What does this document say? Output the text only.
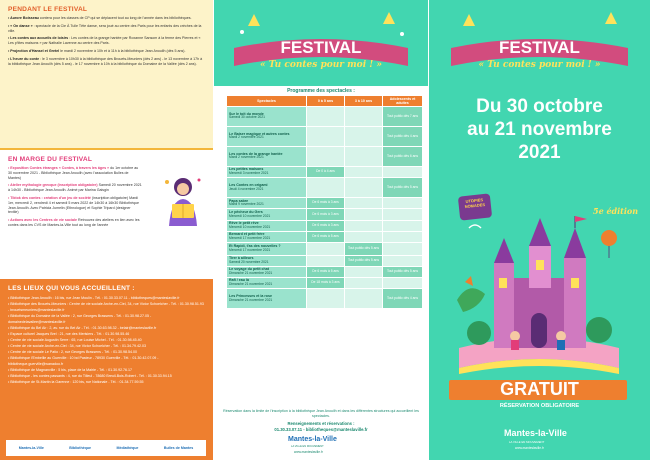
PENDANT LE FESTIVAL
• Aurore Boisseau contera pour les classes de CP qui se déplacent tout au long de l'année dans les bibliothèques.
• « On danse » : spectacle de la Cie À Tulle Tête danse, sera joué au centre des Paris pour les enfants des crèches de la ville.
• Les contes aux accueils de loisirs : Les contes de la grange hantée par Roxanne Sansom à la ferme des Pierres et « Les p'tites maisons » par Nathalie Lavenne au centre des Paris.
• Projection d'Hansel et Gretel le mardi 2 novembre à 10h et à 11h à la bibliothèque Jean Anouilh (dès 5 ans).
• L'heure du conte : le 3 novembre à 10h30 à la bibliothèque des Brouets-Meuniers (dès 2 ans) - le 13 novembre à 17h à la bibliothèque Jean Anouilh (dès 5 ans) - le 17 novembre à 10h à la bibliothèque du Domaine de la Vallée (dès 2 ans).
EN MARGE DU FESTIVAL
• Exposition Contes étranges « Contes, à travers les âges » du 1er octobre au 30 novembre 2021 - Bibliothèque Jean Anouilh (avec l'association Bulles de Mantes)
• Atelier mythologie grecque (inscription obligatoire) Samedi 20 novembre 2021 à 14h30 - Bibliothèque Jean Anouilh. Animé par Marina Gaisgin
• Tiktok des contes : création d'un jeu de société (inscription obligatoire) Mardi 1er, mercredi 2, vendredi 4 et samedi 5 mars 2022 de 14h30 à 16h30 Bibliothèque Jean Anouilh. Avec Patricia Jumelin (Ethnologue) et Sophie Tripard (designer textile)
• Actions avec les Centres de vie sociale Retrouvez des ateliers en lien avec les contes dans les CVS de Mantes-la-Ville tout au long de l'année
LES LIEUX QUI VOUS ACCUEILLENT :
• Bibliothèque Jean Anouilh : 16 bis, rue Jean Moulin - Tél. : 01.30.33.07.11 - bibliotheques@manteslaville.fr
• Bibliothèque des Brouets-Meuniers : Centre de vie sociale Arche-en-Ciel, 34, rue Victor Schoelcher - Tél. : 01.30.98.51.93 - brouetsmeuniers@manteslaville.fr
• Bibliothèque du Domaine de la Vallée : 2, rue Georges Brassens - Tél. : 01.30.98.27.05 - domainedelavallee@manteslaville.fr
• Bibliothèque du Bel Air : 2, av. rue du Bel Air - Tél. : 01.30.63.98.32 - belair@manteslaville.fr
• Espace culturel Jacques Brel : 21, rue des Merisiers - Tél. : 01.30.98.55.46
• Centre de vie sociale Augustin Serre : 65, rue Louise Michel - Tél. : 01.30.98.45.40
• Centre de vie sociale Arche-en-Ciel : 34, rue Victor Schoelcher - Tél. : 01.34.79.42.03
• Centre de vie sociale Le Patio : 2, rue Georges Brassens - Tél. : 01.30.98.54.00
• Bibliothèque l'Embellie au Guerville : 10 bd Pasteur - 78930 Guerville - Tél. : 01.30.42.07.09 - bibliotheque.guerville@wanadoo.fr
• Bibliothèque de Magnanville : 5 bis, place de la Mairie - Tél. : 01.30.92.76.17
• Bibliothèque - les contes passants : 4, rue du Tilleul - 78680 Breuil-Bois-Robert - Tél. : 01.30.33.94.15
• Bibliothèque de St-Martin la Garenne : 120 bis, rue Nationale - Tél. : 01.34.77.59.55
Mantes-la-Ville	Bibliothèque	Médiathèque	Bulles de Mantes
FESTIVAL
« Tu contes pour moi ! »
Programme des spectacles :
Spectacles	0 à 5 ans	3 à 10 ans	Adolescents et adultes	

Sur le toit du monde
Samedi 30 octobre 2021			Tout public dès 7 ans	

Le Baiser magique et autres contes
Mardi 2 novembre 2021			Tout public dès 4 ans	

Les contes de la grange hantée
Mardi 2 novembre 2021			Tout public dès 6 ans	

Les petites maisons
Mercredi 3 novembre 2021	De 0 à 4 ans			

Les Contes en origami
Jeudi 4 novembre 2021			Tout public dès 5 ans	

Papa sabre
Mardi 9 novembre 2021	De 6 mois à 3 ans			

Le pêcheur du Gers
Mercredi 10 novembre 2021	De 6 mois à 3 ans			

Rêve le petit rêve
Mercredi 10 novembre 2021	De 6 mois à 3 ans			

Bernard et petit frère
Mercredi 17 novembre 2021	De 6 mois à 5 ans			

Et Rapidi, t'as des nouvelles ?
Mercredi 17 novembre 2021		Tout public dès 5 ans		

Tirer à ailleurs
Samedi 20 novembre 2021		Tout public dès 5 ans		

Le voyage du petit chat
Dimanche 21 novembre 2021	De 6 mois à 5 ans		Tout public dès 5 ans	

Rafi / eau là
Dimanche 21 novembre 2021	De 18 mois à 3 ans			

Les Princesses et la rose
Dimanche 21 novembre 2021			Tout public dès 4 ans	
Réservation dans la limite de l'inscription à la bibliothèque Jean Anouilh et dans les différentes structures qui accueillent les spectacles.
Renseignements et réservations :
01.30.33.07.11 - bibliotheques@manteslaville.fr
Mantes-la-Ville
LA VILLE EN MOUVEMENT
www.manteslaville.fr
FESTIVAL
« Tu contes pour moi ! »
Du 30 octobre
au 21 novembre
2021
UTOPIES NOMADES
5e édition
GRATUIT
RÉSERVATION OBLIGATOIRE
Mantes-la-Ville
LA VILLE EN MOUVEMENT
www.manteslaville.fr
